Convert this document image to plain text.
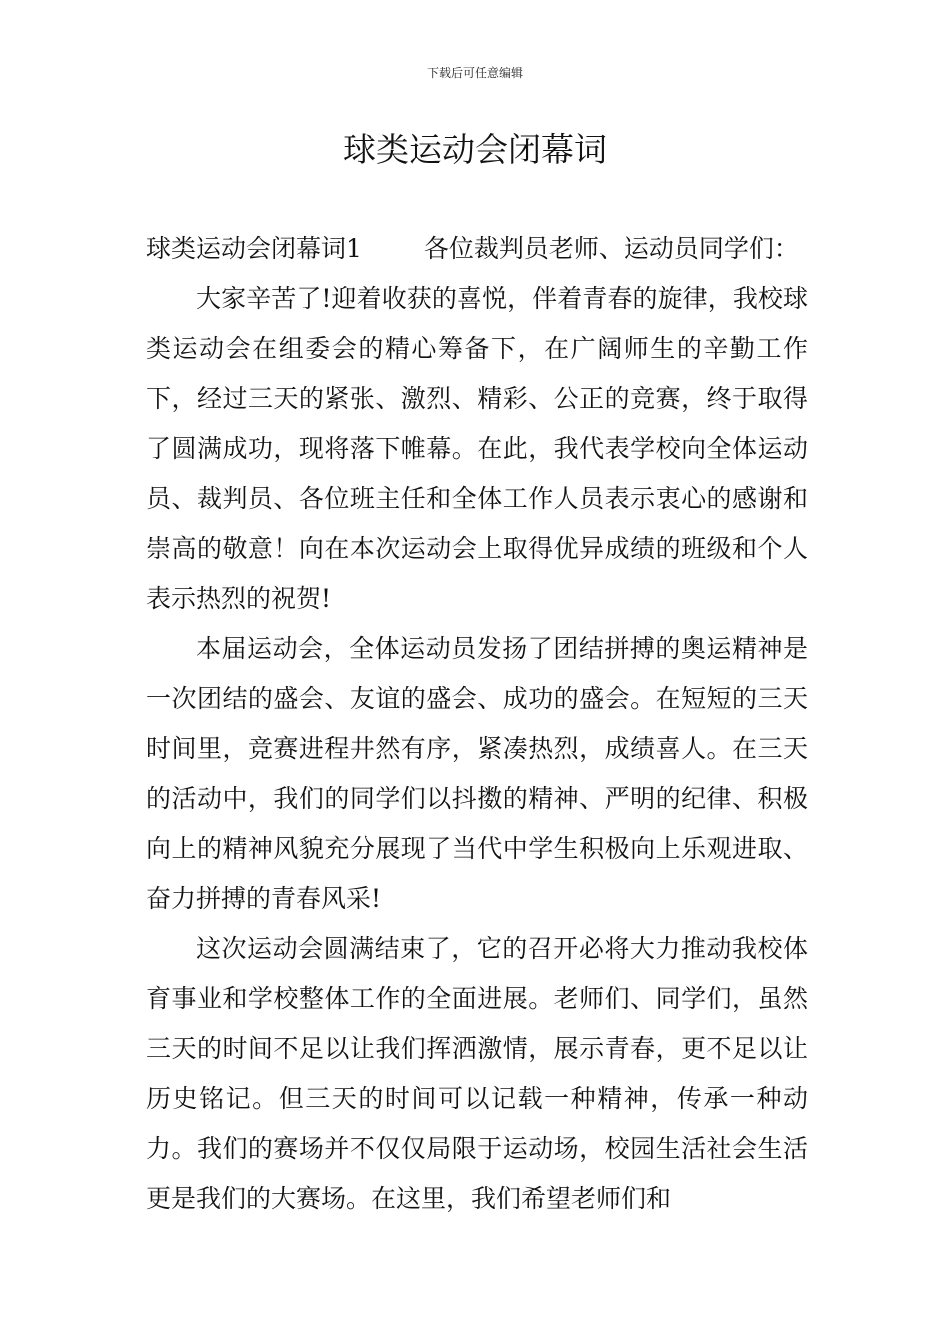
下载后可任意编辑
球类运动会闭幕词

球类运动会闭幕词1 各位裁判员老师、运动员同学们：

大家辛苦了!迎着收获的喜悦，伴着青春的旋律，我校球类运动会在组委会的精心筹备下，在广阔师生的辛勤工作下，经过三天的紧张、激烈、精彩、公正的竞赛，终于取得了圆满成功，现将落下帷幕。在此，我代表学校向全体运动员、裁判员、各位班主任和全体工作人员表示衷心的感谢和崇高的敬意！向在本次运动会上取得优异成绩的班级和个人表示热烈的祝贺!

本届运动会，全体运动员发扬了团结拼搏的奥运精神是一次团结的盛会、友谊的盛会、成功的盛会。在短短的三天时间里，竞赛进程井然有序，紧凑热烈，成绩喜人。在三天的活动中，我们的同学们以抖擞的精神、严明的纪律、积极向上的精神风貌充分展现了当代中学生积极向上乐观进取、奋力拼搏的青春风采!

这次运动会圆满结束了，它的召开必将大力推动我校体育事业和学校整体工作的全面进展。老师们、同学们，虽然三天的时间不足以让我们挥洒激情，展示青春，更不足以让历史铭记。但三天的时间可以记载一种精神，传承一种动力。我们的赛场并不仅仅局限于运动场，校园生活社会生活更是我们的大赛场。在这里，我们希望老师们和
